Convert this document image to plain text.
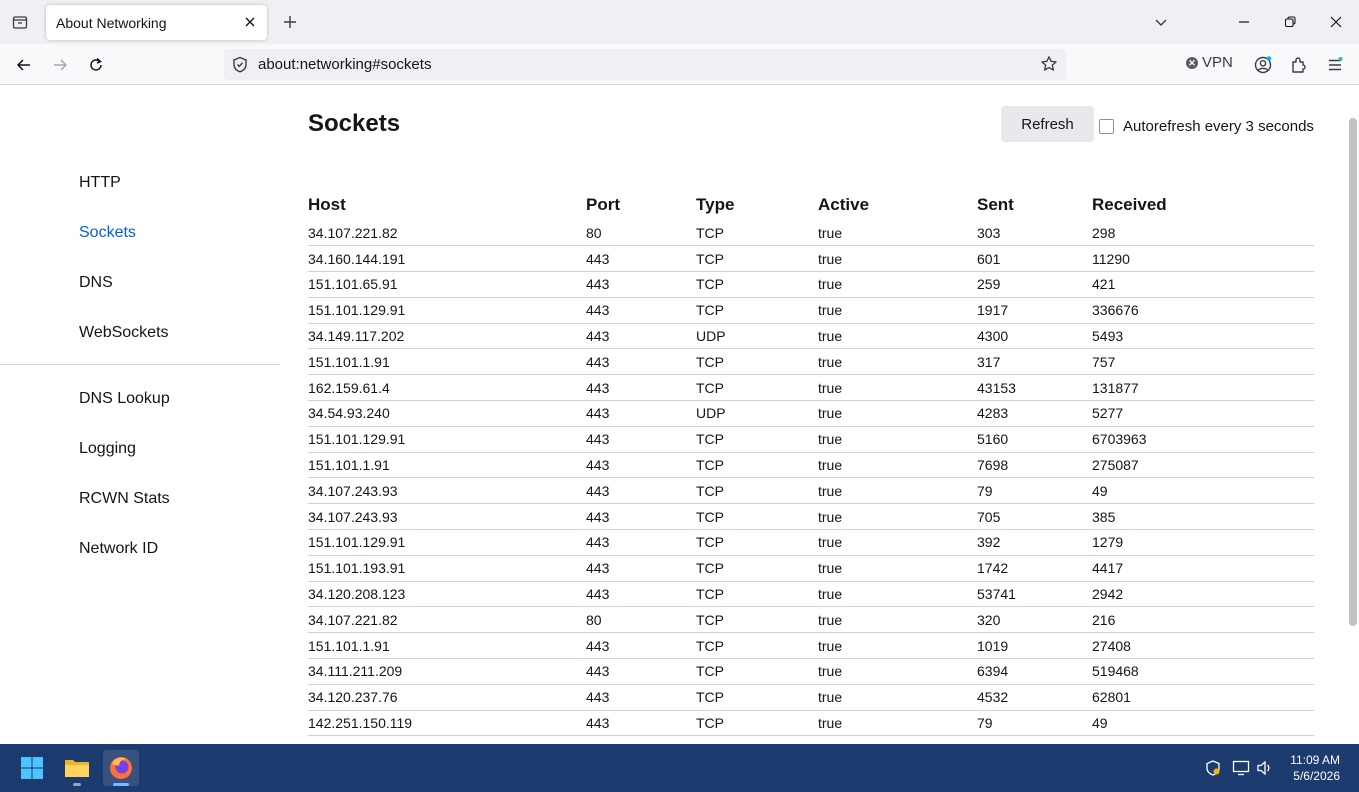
About Networking
about:networking#sockets	✕ VPN
HTTP
Sockets
DNS
WebSockets
DNS Lookup
Logging
RCWN Stats
Network ID
Sockets	Refresh	Autorefresh every 3 seconds
Host	Port	Type	Active	Sent	Received
34.107.221.82	80	TCP	true	303	298
34.160.144.191	443	TCP	true	601	11290
151.101.65.91	443	TCP	true	259	421
151.101.129.91	443	TCP	true	1917	336676
34.149.117.202	443	UDP	true	4300	5493
151.101.1.91	443	TCP	true	317	757
162.159.61.4	443	TCP	true	43153	131877
34.54.93.240	443	UDP	true	4283	5277
151.101.129.91	443	TCP	true	5160	6703963
151.101.1.91	443	TCP	true	7698	275087
34.107.243.93	443	TCP	true	79	49
34.107.243.93	443	TCP	true	705	385
151.101.129.91	443	TCP	true	392	1279
151.101.193.91	443	TCP	true	1742	4417
34.120.208.123	443	TCP	true	53741	2942
34.107.221.82	80	TCP	true	320	216
151.101.1.91	443	TCP	true	1019	27408
34.111.211.209	443	TCP	true	6394	519468
34.120.237.76	443	TCP	true	4532	62801
142.251.150.119	443	TCP	true	79	49
11:09 AM
5/6/2026
